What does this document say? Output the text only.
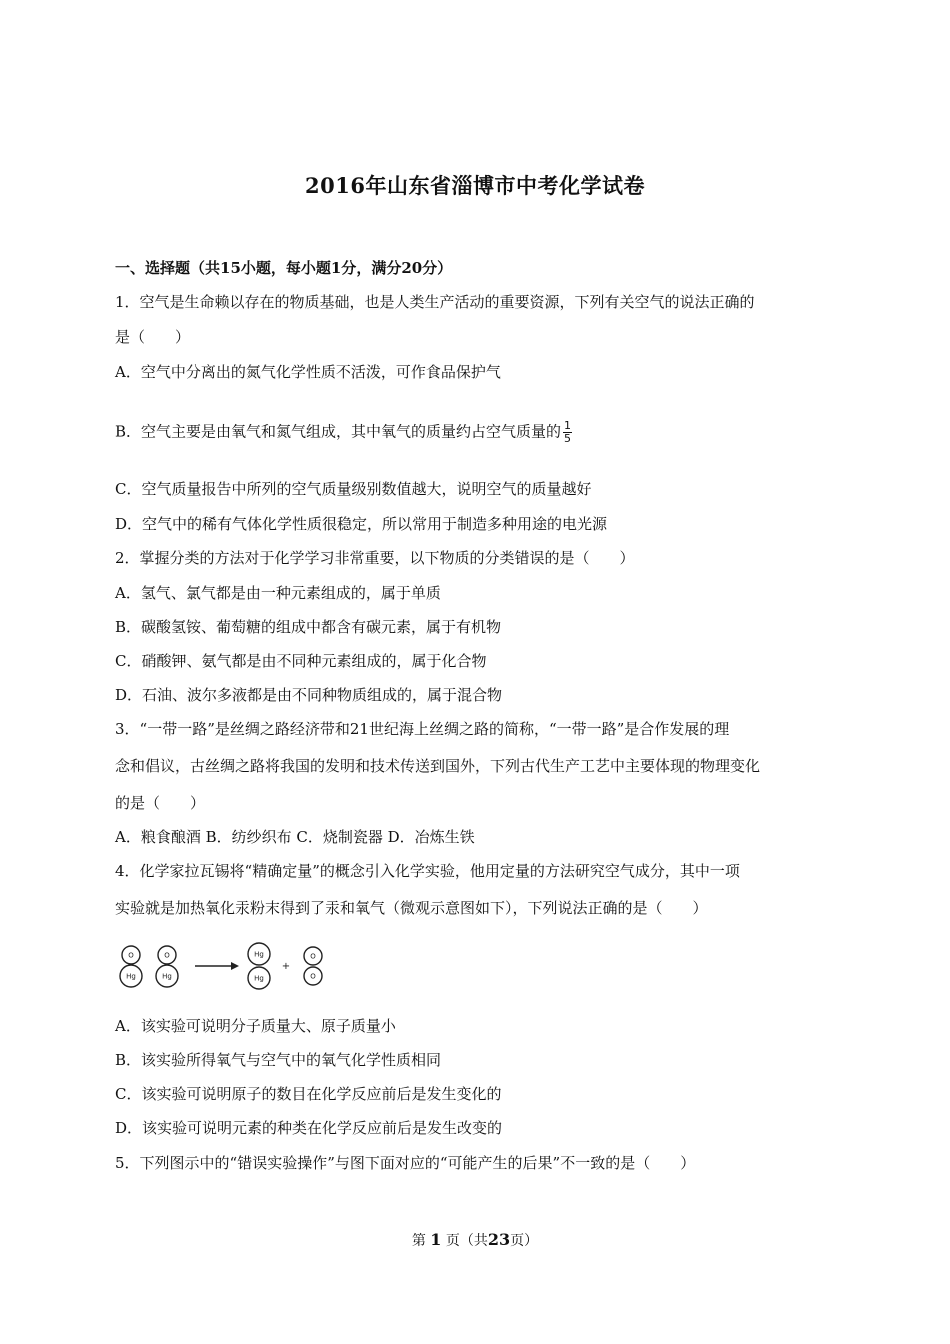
2016年山东省淄博市中考化学试卷
一、选择题（共15小题，每小题1分，满分20分）
1．空气是生命赖以存在的物质基础，也是人类生产活动的重要资源，下列有关空气的说法正确的
是（　　）
A．空气中分离出的氮气化学性质不活泼，可作食品保护气
B．空气主要是由氧气和氮气组成，其中氧气的质量约占空气质量的 $\frac{1}{5}$
C．空气质量报告中所列的空气质量级别数值越大，说明空气的质量越好
D．空气中的稀有气体化学性质很稳定，所以常用于制造多种用途的电光源
2．掌握分类的方法对于化学学习非常重要，以下物质的分类错误的是（　　）
A．氢气、氯气都是由一种元素组成的，属于单质
B．碳酸氢铵、葡萄糖的组成中都含有碳元素，属于有机物
C．硝酸钾、氨气都是由不同种元素组成的，属于化合物
D．石油、波尔多液都是由不同种物质组成的，属于混合物
3．“一带一路”是丝绸之路经济带和21世纪海上丝绸之路的简称，“一带一路”是合作发展的理
念和倡议，古丝绸之路将我国的发明和技术传送到国外，下列古代生产工艺中主要体现的物理变化
的是（　　）
A．粮食酿酒 B．纺纱织布 C．烧制瓷器 D．冶炼生铁
4．化学家拉瓦锡将“精确定量”的概念引入化学实验，他用定量的方法研究空气成分，其中一项
实验就是加热氧化汞粉末得到了汞和氧气（微观示意图如下），下列说法正确的是（　　）
O
Hg
O
Hg
Hg
Hg
+
O
O
A．该实验可说明分子质量大、原子质量小
B．该实验所得氧气与空气中的氧气化学性质相同
C．该实验可说明原子的数目在化学反应前后是发生变化的
D．该实验可说明元素的种类在化学反应前后是发生改变的
5．下列图示中的“错误实验操作”与图下面对应的“可能产生的后果”不一致的是（　　）
第 1 页（共23页）
